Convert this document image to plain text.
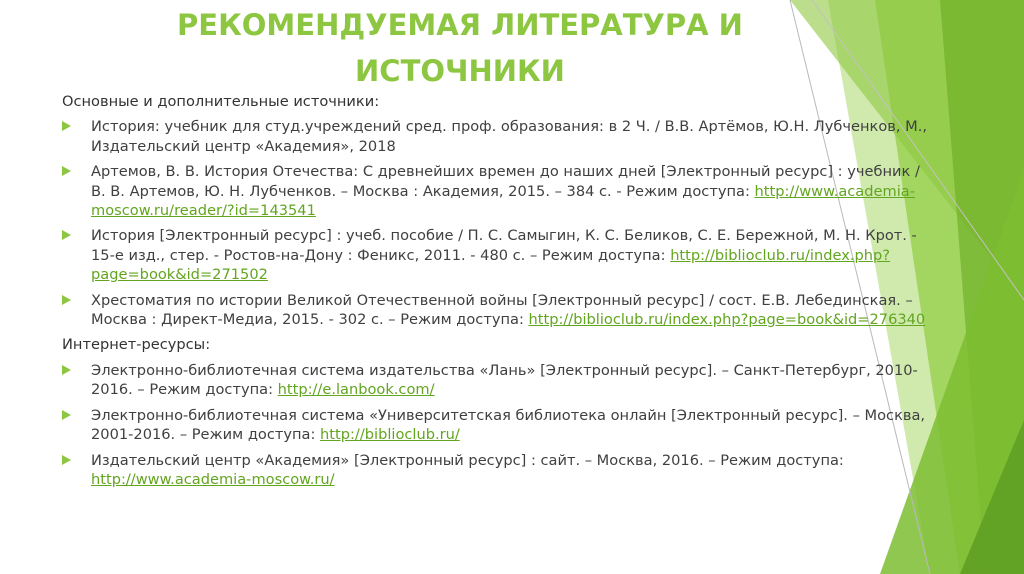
РЕКОМЕНДУЕМАЯ ЛИТЕРАТУРА И
ИСТОЧНИКИ
Основные и дополнительные источники:
История: учебник для студ.учреждений сред. проф. образования: в 2 Ч. / В.В. Артёмов, Ю.Н. Лубченков, М., Издательский центр «Академия», 2018
Артемов, В. В. История Отечества: С древнейших времен до наших дней [Электронный ресурс] : учебник / В. В. Артемов, Ю. Н. Лубченков. – Москва : Академия, 2015. – 384 с. - Режим доступа: http://www.academia-moscow.ru/reader/?id=143541
История [Электронный ресурс] : учеб. пособие / П. С. Самыгин, К. С. Беликов, С. Е. Бережной, М. Н. Крот. - 15-е изд., стер. - Ростов-на-Дону : Феникс, 2011. - 480 с. – Режим доступа: http://biblioclub.ru/index.php?page=book&id=271502
Хрестоматия по истории Великой Отечественной войны [Электронный ресурс] / сост. Е.В. Лебединская. – Москва : Директ-Медиа, 2015. - 302 с. – Режим доступа: http://biblioclub.ru/index.php?page=book&id=276340
Интернет-ресурсы:
Электронно-библиотечная система издательства «Лань» [Электронный ресурс]. – Санкт-Петербург, 2010-2016. – Режим доступа: http://e.lanbook.com/
Электронно-библиотечная система «Университетская библиотека онлайн [Электронный ресурс]. – Москва, 2001-2016. – Режим доступа: http://biblioclub.ru/
Издательский центр «Академия» [Электронный ресурс] : сайт. – Москва, 2016. – Режим доступа: http://www.academia-moscow.ru/
